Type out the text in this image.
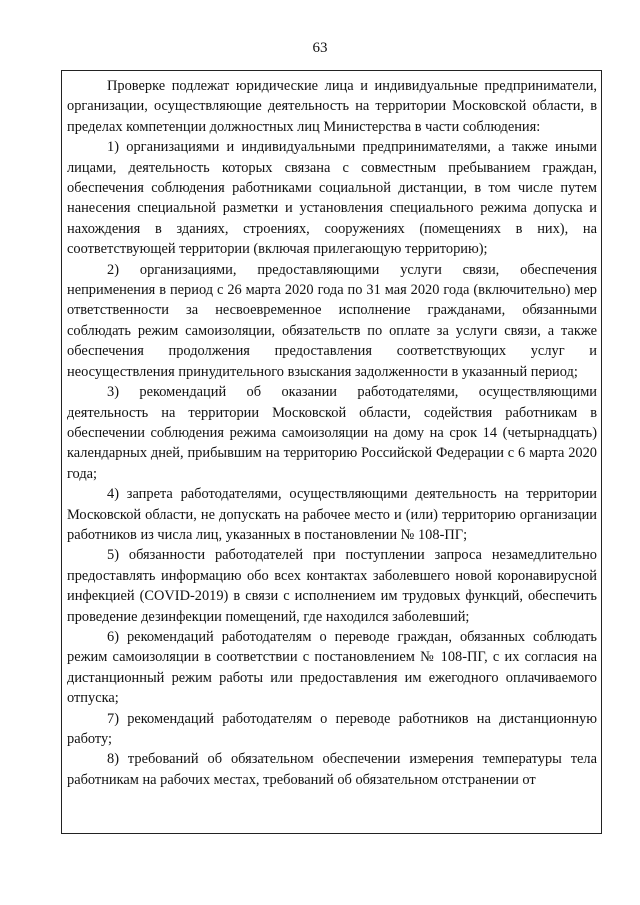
63

Проверке подлежат юридические лица и индивидуальные предприниматели, организации, осуществляющие деятельность на территории Московской области, в пределах компетенции должностных лиц Министерства в части соблюдения:

1) организациями и индивидуальными предпринимателями, а также иными лицами, деятельность которых связана с совместным пребыванием граждан, обеспечения соблюдения работниками социальной дистанции, в том числе путем нанесения специальной разметки и установления специального режима допуска и нахождения в зданиях, строениях, сооружениях (помещениях в них), на соответствующей территории (включая прилегающую территорию);

2) организациями, предоставляющими услуги связи, обеспечения неприменения в период с 26 марта 2020 года по 31 мая 2020 года (включительно) мер ответственности за несвоевременное исполнение гражданами, обязанными соблюдать режим самоизоляции, обязательств по оплате за услуги связи, а также обеспечения продолжения предоставления соответствующих услуг и неосуществления принудительного взыскания задолженности в указанный период;

3) рекомендаций об оказании работодателями, осуществляющими деятельность на территории Московской области, содействия работникам в обеспечении соблюдения режима самоизоляции на дому на срок 14 (четырнадцать) календарных дней, прибывшим на территорию Российской Федерации с 6 марта 2020 года;

4) запрета работодателями, осуществляющими деятельность на территории Московской области, не допускать на рабочее место и (или) территорию организации работников из числа лиц, указанных в постановлении № 108-ПГ;

5) обязанности работодателей при поступлении запроса незамедлительно предоставлять информацию обо всех контактах заболевшего новой коронавирусной инфекцией (COVID-2019) в связи с исполнением им трудовых функций, обеспечить проведение дезинфекции помещений, где находился заболевший;

6) рекомендаций работодателям о переводе граждан, обязанных соблюдать режим самоизоляции в соответствии с постановлением № 108-ПГ, с их согласия на дистанционный режим работы или предоставления им ежегодного оплачиваемого отпуска;

7) рекомендаций работодателям о переводе работников на дистанционную работу;

8) требований об обязательном обеспечении измерения температуры тела работникам на рабочих местах, требований об обязательном отстранении от
